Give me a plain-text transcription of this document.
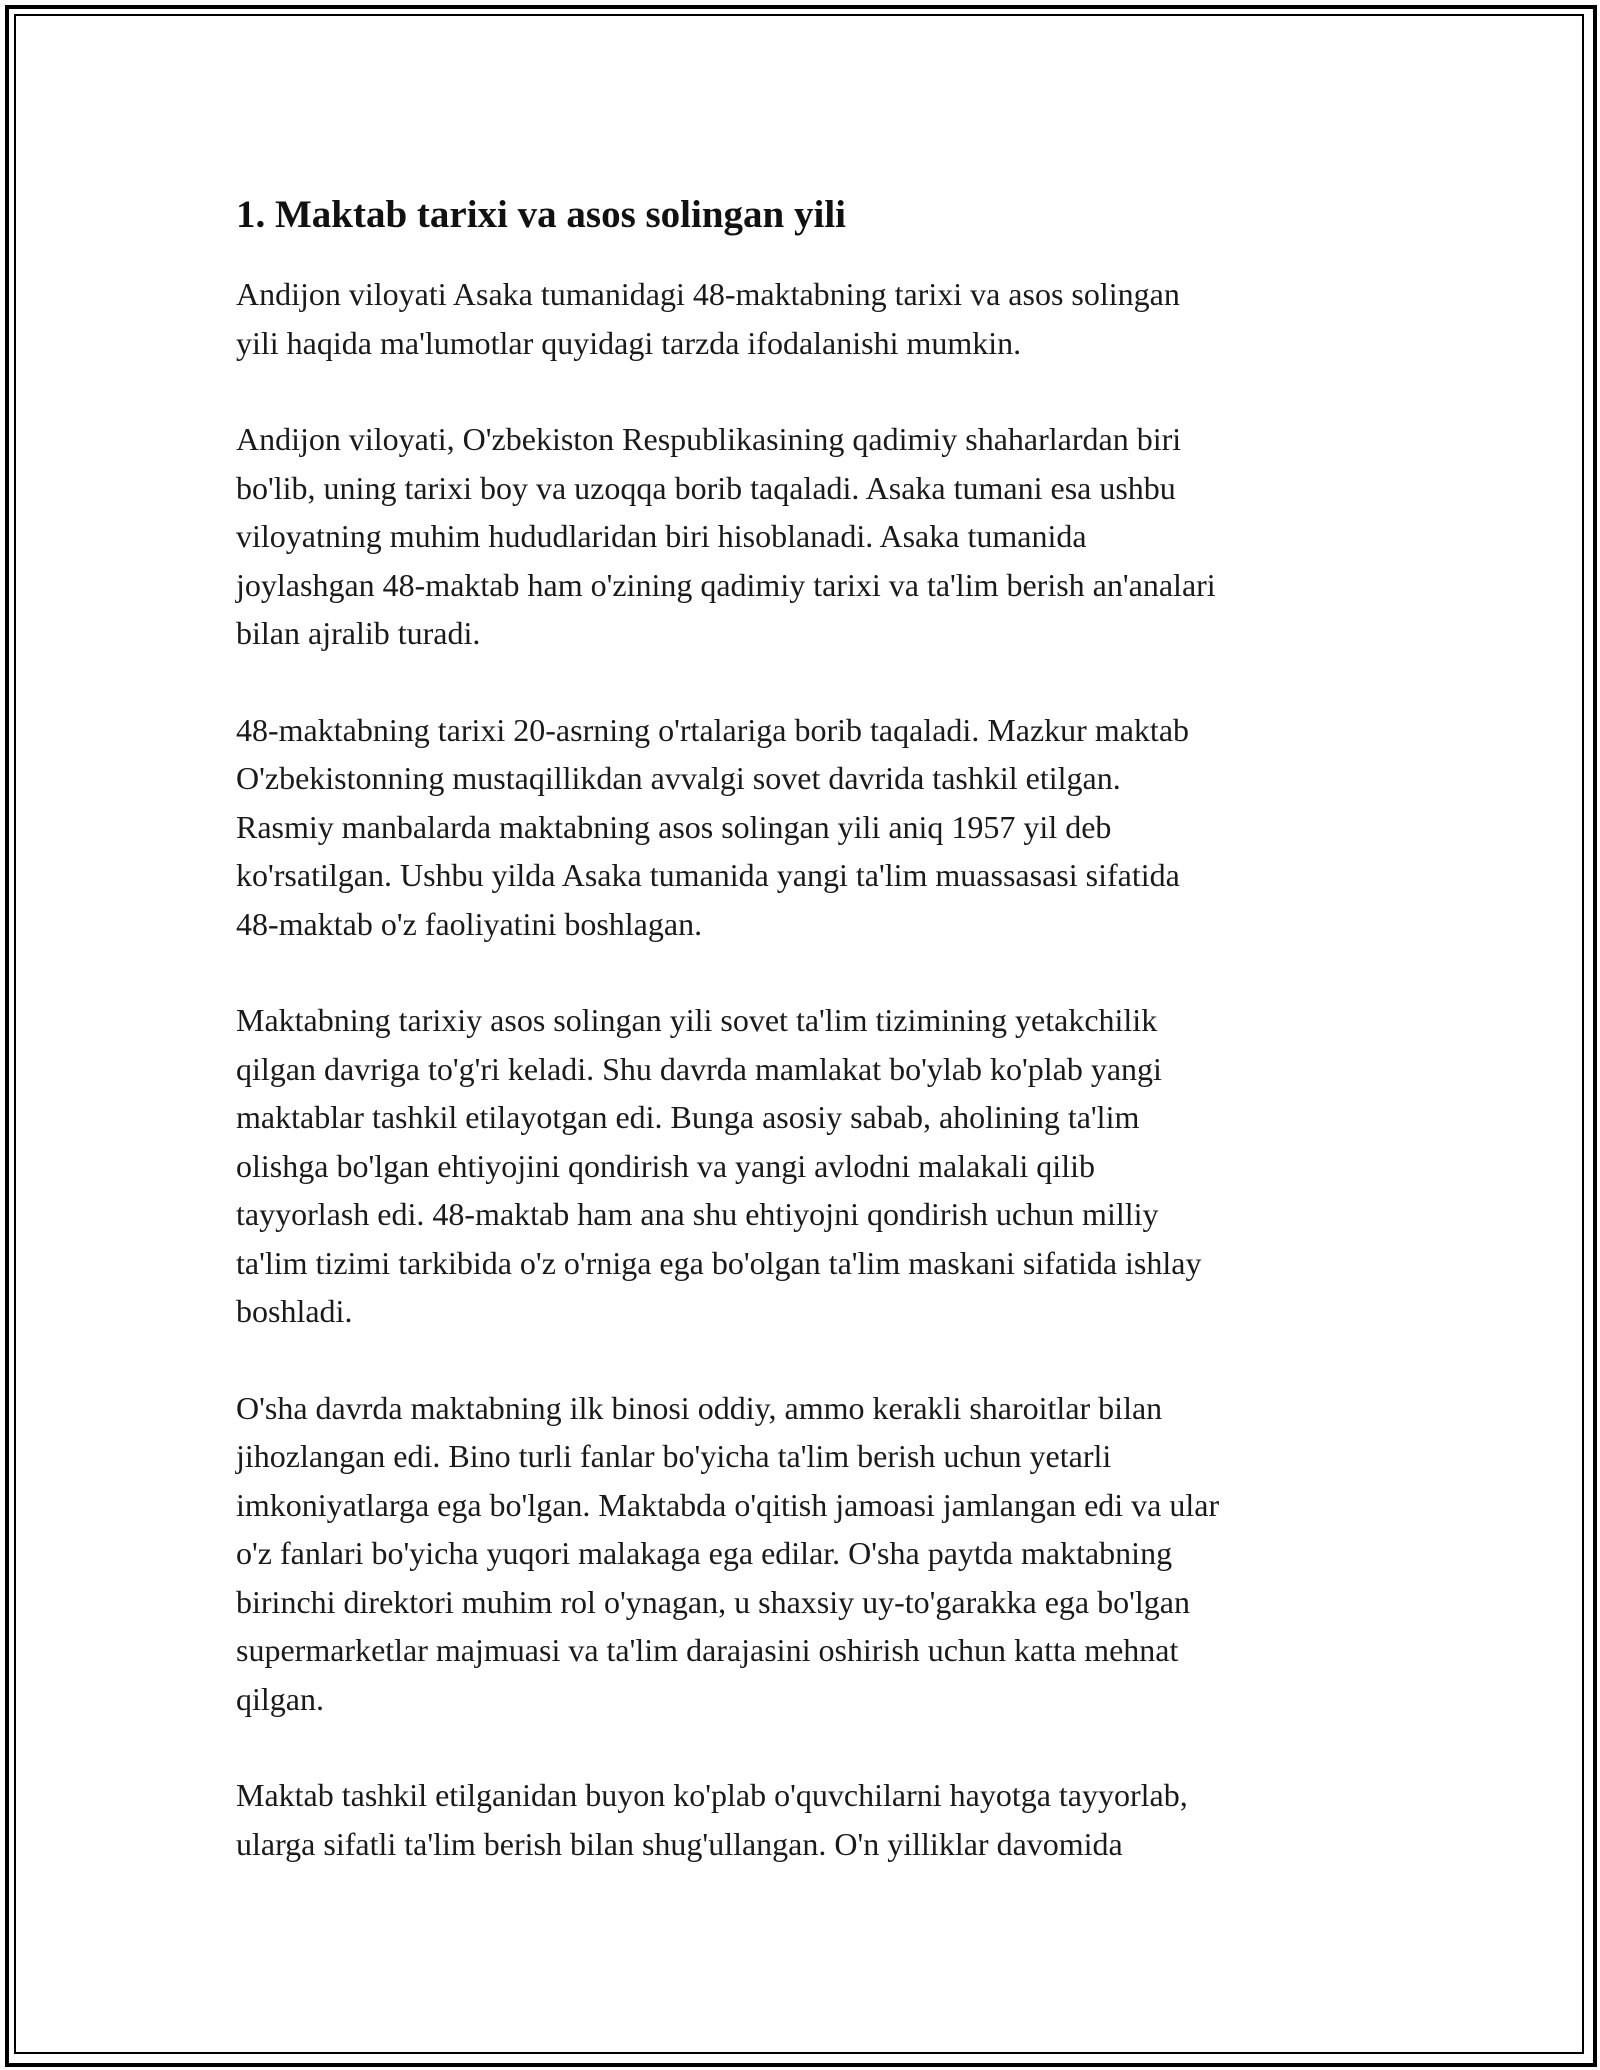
1. Maktab tarixi va asos solingan yili

Andijon viloyati Asaka tumanidagi 48-maktabning tarixi va asos solingan
yili haqida ma'lumotlar quyidagi tarzda ifodalanishi mumkin.

Andijon viloyati, O'zbekiston Respublikasining qadimiy shaharlardan biri
bo'lib, uning tarixi boy va uzoqqa borib taqaladi. Asaka tumani esa ushbu
viloyatning muhim hududlaridan biri hisoblanadi. Asaka tumanida
joylashgan 48-maktab ham o'zining qadimiy tarixi va ta'lim berish an'analari
bilan ajralib turadi.

48-maktabning tarixi 20-asrning o'rtalariga borib taqaladi. Mazkur maktab
O'zbekistonning mustaqillikdan avvalgi sovet davrida tashkil etilgan.
Rasmiy manbalarda maktabning asos solingan yili aniq 1957 yil deb
ko'rsatilgan. Ushbu yilda Asaka tumanida yangi ta'lim muassasasi sifatida
48-maktab o'z faoliyatini boshlagan.

Maktabning tarixiy asos solingan yili sovet ta'lim tizimining yetakchilik
qilgan davriga to'g'ri keladi. Shu davrda mamlakat bo'ylab ko'plab yangi
maktablar tashkil etilayotgan edi. Bunga asosiy sabab, aholining ta'lim
olishga bo'lgan ehtiyojini qondirish va yangi avlodni malakali qilib
tayyorlash edi. 48-maktab ham ana shu ehtiyojni qondirish uchun milliy
ta'lim tizimi tarkibida o'z o'rniga ega bo'olgan ta'lim maskani sifatida ishlay
boshladi.

O'sha davrda maktabning ilk binosi oddiy, ammo kerakli sharoitlar bilan
jihozlangan edi. Bino turli fanlar bo'yicha ta'lim berish uchun yetarli
imkoniyatlarga ega bo'lgan. Maktabda o'qitish jamoasi jamlangan edi va ular
o'z fanlari bo'yicha yuqori malakaga ega edilar. O'sha paytda maktabning
birinchi direktori muhim rol o'ynagan, u shaxsiy uy-to'garakka ega bo'lgan
supermarketlar majmuasi va ta'lim darajasini oshirish uchun katta mehnat
qilgan.

Maktab tashkil etilganidan buyon ko'plab o'quvchilarni hayotga tayyorlab,
ularga sifatli ta'lim berish bilan shug'ullangan. O'n yilliklar davomida
